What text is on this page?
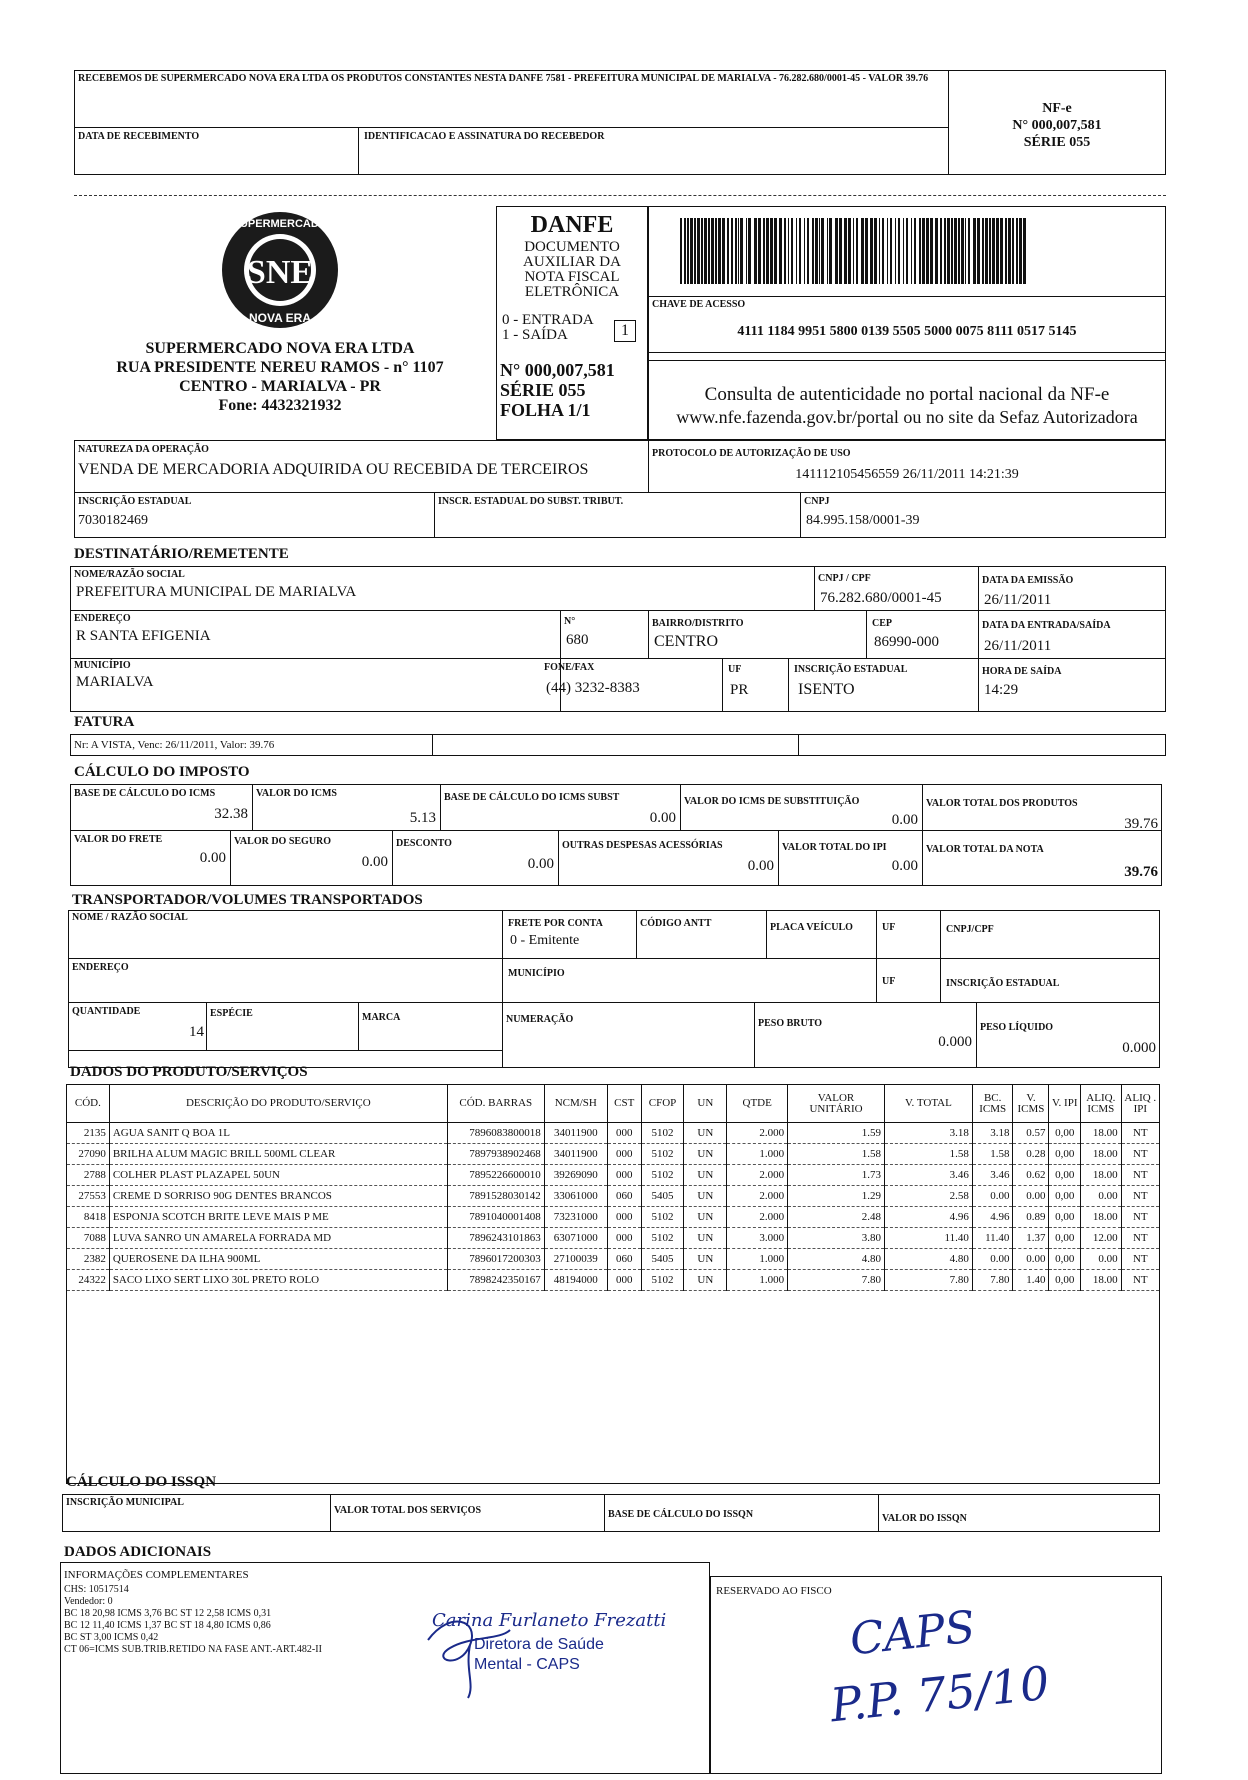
RECEBEMOS DE SUPERMERCADO NOVA ERA LTDA OS PRODUTOS CONSTANTES NESTA DANFE 7581 - PREFEITURA MUNICIPAL DE MARIALVA - 76.282.680/0001-45 - VALOR 39.76
DATA DE RECEBIMENTO	IDENTIFICACAO E ASSINATURA DO RECEBEDOR
NF-e
N° 000,007,581
SÉRIE 055
SNE
SUPERMERCADO
NOVA ERA
SUPERMERCADO NOVA ERA LTDA
RUA PRESIDENTE NEREU RAMOS - n° 1107
CENTRO - MARIALVA - PR
Fone: 4432321932
DANFE
DOCUMENTO
AUXILIAR DA
NOTA FISCAL
ELETRÔNICA
0 - ENTRADA
1 - SAÍDA	1
N° 000,007,581
SÉRIE 055
FOLHA 1/1
CHAVE DE ACESSO
4111 1184 9951 5800 0139 5505 5000 0075 8111 0517 5145
Consulta de autenticidade no portal nacional da NF-e
www.nfe.fazenda.gov.br/portal ou no site da Sefaz Autorizadora
NATUREZA DA OPERAÇÃO
VENDA DE MERCADORIA ADQUIRIDA OU RECEBIDA DE TERCEIROS
PROTOCOLO DE AUTORIZAÇÃO DE USO
141112105456559 26/11/2011 14:21:39
INSCRIÇÃO ESTADUAL
7030182469
INSCR. ESTADUAL DO SUBST. TRIBUT.	CNPJ
84.995.158/0001-39
DESTINATÁRIO/REMETENTE
NOME/RAZÃO SOCIAL
PREFEITURA MUNICIPAL DE MARIALVA
CNPJ / CPF
76.282.680/0001-45
DATA DA EMISSÃO
26/11/2011
ENDEREÇO
R SANTA EFIGENIA
N°
680
BAIRRO/DISTRITO
CENTRO
CEP
86990-000
DATA DA ENTRADA/SAÍDA
26/11/2011
MUNICÍPIO
MARIALVA
FONE/FAX
(44) 3232-8383
UF
PR
INSCRIÇÃO ESTADUAL
ISENTO
HORA DE SAÍDA
14:29
FATURA
Nr: A VISTA, Venc: 26/11/2011, Valor: 39.76
CÁLCULO DO IMPOSTO
BASE DE CÁLCULO DO ICMS
32.38
VALOR DO ICMS
5.13
BASE DE CÁLCULO DO ICMS SUBST
0.00
VALOR DO ICMS DE SUBSTITUIÇÃO
0.00
VALOR TOTAL DOS PRODUTOS
39.76
VALOR DO FRETE
0.00
VALOR DO SEGURO
0.00
DESCONTO
0.00
OUTRAS DESPESAS ACESSÓRIAS
0.00
VALOR TOTAL DO IPI
0.00
VALOR TOTAL DA NOTA
39.76
TRANSPORTADOR/VOLUMES TRANSPORTADOS
NOME / RAZÃO SOCIAL
FRETE POR CONTA
0 - Emitente
CÓDIGO ANTT	PLACA VEÍCULO	UF	CNPJ/CPF
ENDEREÇO
MUNICÍPIO
UF	INSCRIÇÃO ESTADUAL
QUANTIDADE
14
ESPÉCIE	MARCA	NUMERAÇÃO	PESO BRUTO
0.000
PESO LÍQUIDO
0.000
DADOS DO PRODUTO/SERVIÇOS
CÓD.	DESCRIÇÃO DO PRODUTO/SERVIÇO	CÓD. BARRAS	NCM/SH	CST	CFOP	UN	QTDE	VALOR UNITÁRIO	V. TOTAL	BC. ICMS	V. ICMS	V. IPI	ALIQ. ICMS	ALIQ . IPI
2135	AGUA SANIT Q BOA 1L	7896083800018	34011900	000	5102	UN	2.000	1.59	3.18	3.18	0.57	0,00	18.00	NT
27090	BRILHA ALUM MAGIC BRILL 500ML CLEAR	7897938902468	34011900	000	5102	UN	1.000	1.58	1.58	1.58	0.28	0,00	18.00	NT
2788	COLHER PLAST PLAZAPEL 50UN	7895226600010	39269090	000	5102	UN	2.000	1.73	3.46	3.46	0.62	0,00	18.00	NT
27553	CREME D SORRISO 90G DENTES BRANCOS	7891528030142	33061000	060	5405	UN	2.000	1.29	2.58	0.00	0.00	0,00	0.00	NT
8418	ESPONJA SCOTCH BRITE LEVE MAIS P ME	7891040001408	73231000	000	5102	UN	2.000	2.48	4.96	4.96	0.89	0,00	18.00	NT
7088	LUVA SANRO UN AMARELA FORRADA MD	7896243101863	63071000	000	5102	UN	3.000	3.80	11.40	11.40	1.37	0,00	12.00	NT
2382	QUEROSENE DA ILHA 900ML	7896017200303	27100039	060	5405	UN	1.000	4.80	4.80	0.00	0.00	0,00	0.00	NT
24322	SACO LIXO SERT LIXO 30L PRETO ROLO	7898242350167	48194000	000	5102	UN	1.000	7.80	7.80	7.80	1.40	0,00	18.00	NT
CÁLCULO DO ISSQN
INSCRIÇÃO MUNICIPAL
VALOR TOTAL DOS SERVIÇOS	BASE DE CÁLCULO DO ISSQN	VALOR DO ISSQN
DADOS ADICIONAIS
INFORMAÇÕES COMPLEMENTARES
CHS: 10517514
Vendedor: 0
BC 18 20,98 ICMS 3,76 BC ST 12 2,58 ICMS 0,31
BC 12 11,40 ICMS 1,37 BC ST 18 4,80 ICMS 0,86
BC ST 3,00 ICMS 0,42
CT 06=ICMS SUB.TRIB.RETIDO NA FASE ANT.-ART.482-II
RESERVADO AO FISCO
Carina Furlaneto Frezatti
Diretora de Saúde
Mental - CAPS	CAPS
P.P. 75/10
